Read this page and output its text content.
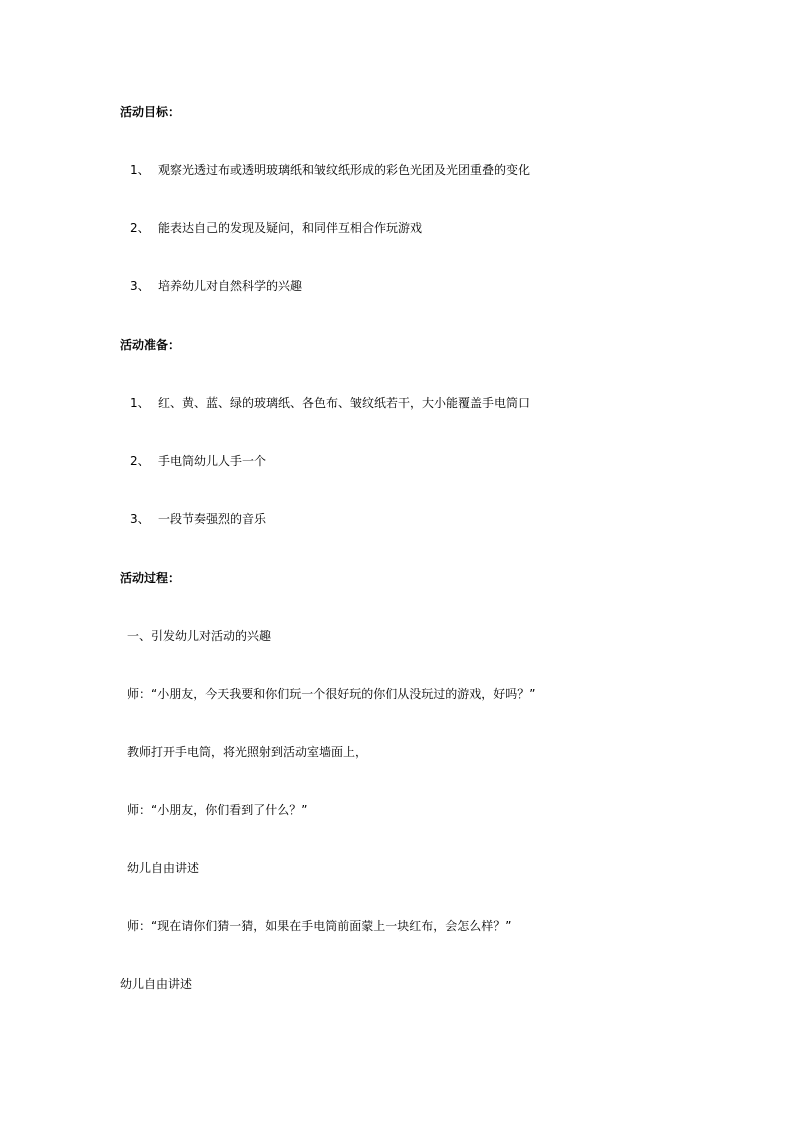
活动目标：
1、 观察光透过布或透明玻璃纸和皱纹纸形成的彩色光团及光团重叠的变化
2、 能表达自己的发现及疑问，和同伴互相合作玩游戏
3、 培养幼儿对自然科学的兴趣
活动准备：
1、 红、黄、蓝、绿的玻璃纸、各色布、皱纹纸若干，大小能覆盖手电筒口
2、 手电筒幼儿人手一个
3、 一段节奏强烈的音乐
活动过程：
一、引发幼儿对活动的兴趣
师：“小朋友，今天我要和你们玩一个很好玩的你们从没玩过的游戏，好吗？”
教师打开手电筒，将光照射到活动室墙面上，
师：“小朋友，你们看到了什么？”
幼儿自由讲述
师：“现在请你们猜一猜，如果在手电筒前面蒙上一块红布，会怎么样？”
幼儿自由讲述
